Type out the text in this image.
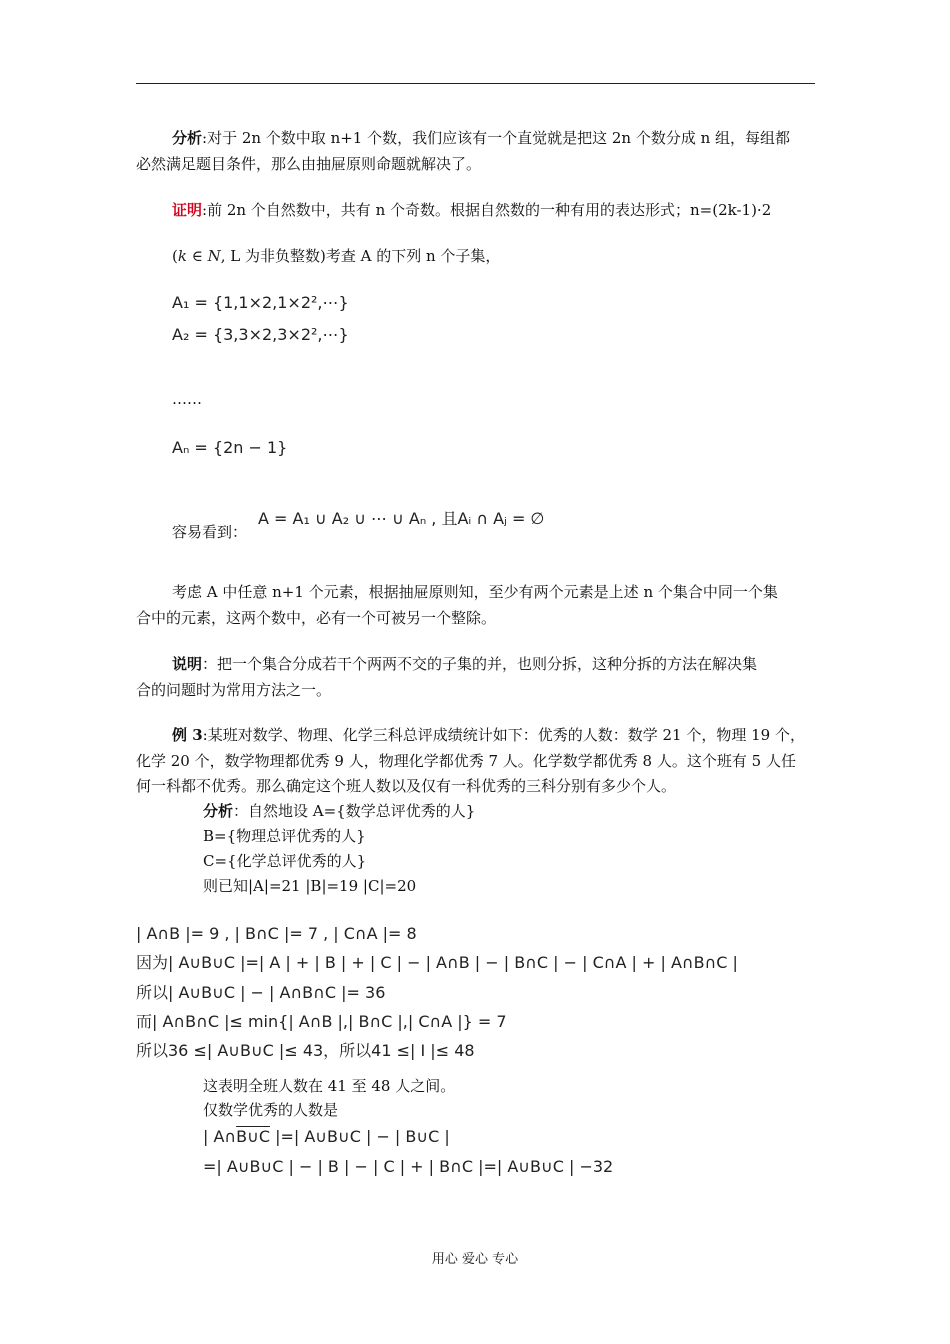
分析:对于 2n 个数中取 n+1 个数，我们应该有一个直觉就是把这 2n 个数分成 n 组，每组都
必然满足题目条件，那么由抽屉原则命题就解决了。
证明:前 2n 个自然数中，共有 n 个奇数。根据自然数的一种有用的表达形式；n=(2k-1)·2
(k ∈ N, L 为非负整数)考查 A 的下列 n 个子集，
A₁ = {1,1×2,1×2²,⋯}
A₂ = {3,3×2,3×2²,⋯}
……
Aₙ = {2n − 1}
容易看到：
A = A₁ ∪ A₂ ∪ ⋯ ∪ Aₙ , 且Aᵢ ∩ Aⱼ = ∅
考虑 A 中任意 n+1 个元素，根据抽屉原则知，至少有两个元素是上述 n 个集合中同一个集
合中的元素，这两个数中，必有一个可被另一个整除。
说明：把一个集合分成若干个两两不交的子集的并，也则分拆，这种分拆的方法在解决集
合的问题时为常用方法之一。
例 3:某班对数学、物理、化学三科总评成绩统计如下：优秀的人数：数学 21 个，物理 19 个，
化学 20 个，数学物理都优秀 9 人，物理化学都优秀 7 人。化学数学都优秀 8 人。这个班有 5 人任
何一科都不优秀。那么确定这个班人数以及仅有一科优秀的三科分别有多少个人。
分析：自然地设 A={数学总评优秀的人}
B={物理总评优秀的人}
C={化学总评优秀的人}
则已知|A|=21 |B|=19 |C|=20
| A∩B |= 9 , | B∩C |= 7 , | C∩A |= 8
因为| A∪B∪C |=| A | + | B | + | C | − | A∩B | − | B∩C | − | C∩A | + | A∩B∩C |
所以| A∪B∪C | − | A∩B∩C |= 36
而| A∩B∩C |≤ min{| A∩B |,| B∩C |,| C∩A |} = 7
所以36 ≤| A∪B∪C |≤ 43，所以41 ≤| I |≤ 48
这表明全班人数在 41 至 48 人之间。
仅数学优秀的人数是
| A∩B∪C |=| A∪B∪C | − | B∪C |
=| A∪B∪C | − | B | − | C | + | B∩C |=| A∪B∪C | −32
用心 爱心 专心
